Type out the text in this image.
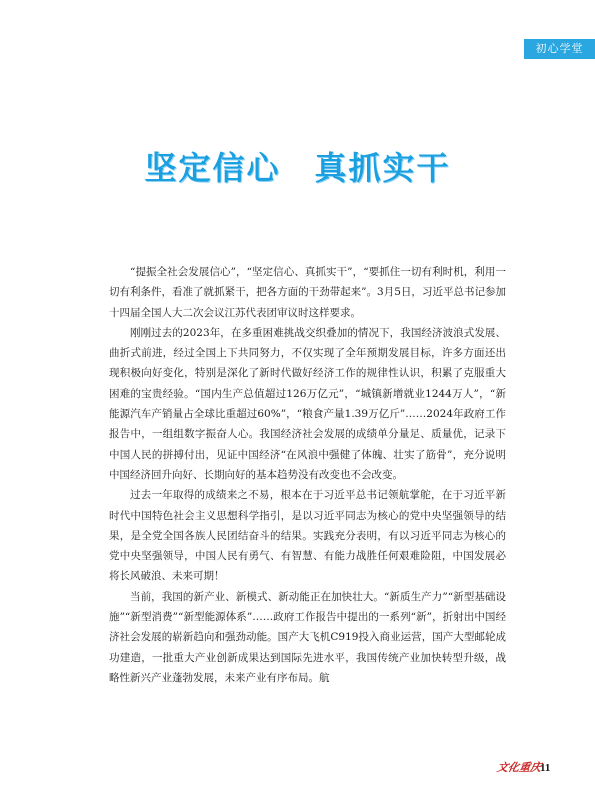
初心学堂
坚定信心　真抓实干

“提振全社会发展信心”，“坚定信心、真抓实干”，“要抓住一切有利时机，利用一切有利条件，看准了就抓紧干，把各方面的干劲带起来”。3月5日，习近平总书记参加十四届全国人大二次会议江苏代表团审议时这样要求。

刚刚过去的2023年，在多重困难挑战交织叠加的情况下，我国经济波浪式发展、曲折式前进，经过全国上下共同努力，不仅实现了全年预期发展目标，许多方面还出现积极向好变化，特别是深化了新时代做好经济工作的规律性认识，积累了克服重大困难的宝贵经验。“国内生产总值超过126万亿元”，“城镇新增就业1244万人”，“新能源汽车产销量占全球比重超过60%”，“粮食产量1.39万亿斤”……2024年政府工作报告中，一组组数字振奋人心。我国经济社会发展的成绩单分量足、质量优，记录下中国人民的拼搏付出，见证中国经济“在风浪中强健了体魄、壮实了筋骨”，充分说明中国经济回升向好、长期向好的基本趋势没有改变也不会改变。

过去一年取得的成绩来之不易，根本在于习近平总书记领航掌舵，在于习近平新时代中国特色社会主义思想科学指引，是以习近平同志为核心的党中央坚强领导的结果，是全党全国各族人民团结奋斗的结果。实践充分表明，有以习近平同志为核心的党中央坚强领导，中国人民有勇气、有智慧、有能力战胜任何艰难险阻，中国发展必将长风破浪、未来可期！

当前，我国的新产业、新模式、新动能正在加快壮大。“新质生产力”“新型基础设施”“新型消费”“新型能源体系”……政府工作报告中提出的一系列“新”，折射出中国经济社会发展的崭新趋向和强劲动能。国产大飞机C919投入商业运营，国产大型邮轮成功建造，一批重大产业创新成果达到国际先进水平，我国传统产业加快转型升级，战略性新兴产业蓬勃发展，未来产业有序布局。航

文化重庆
11
